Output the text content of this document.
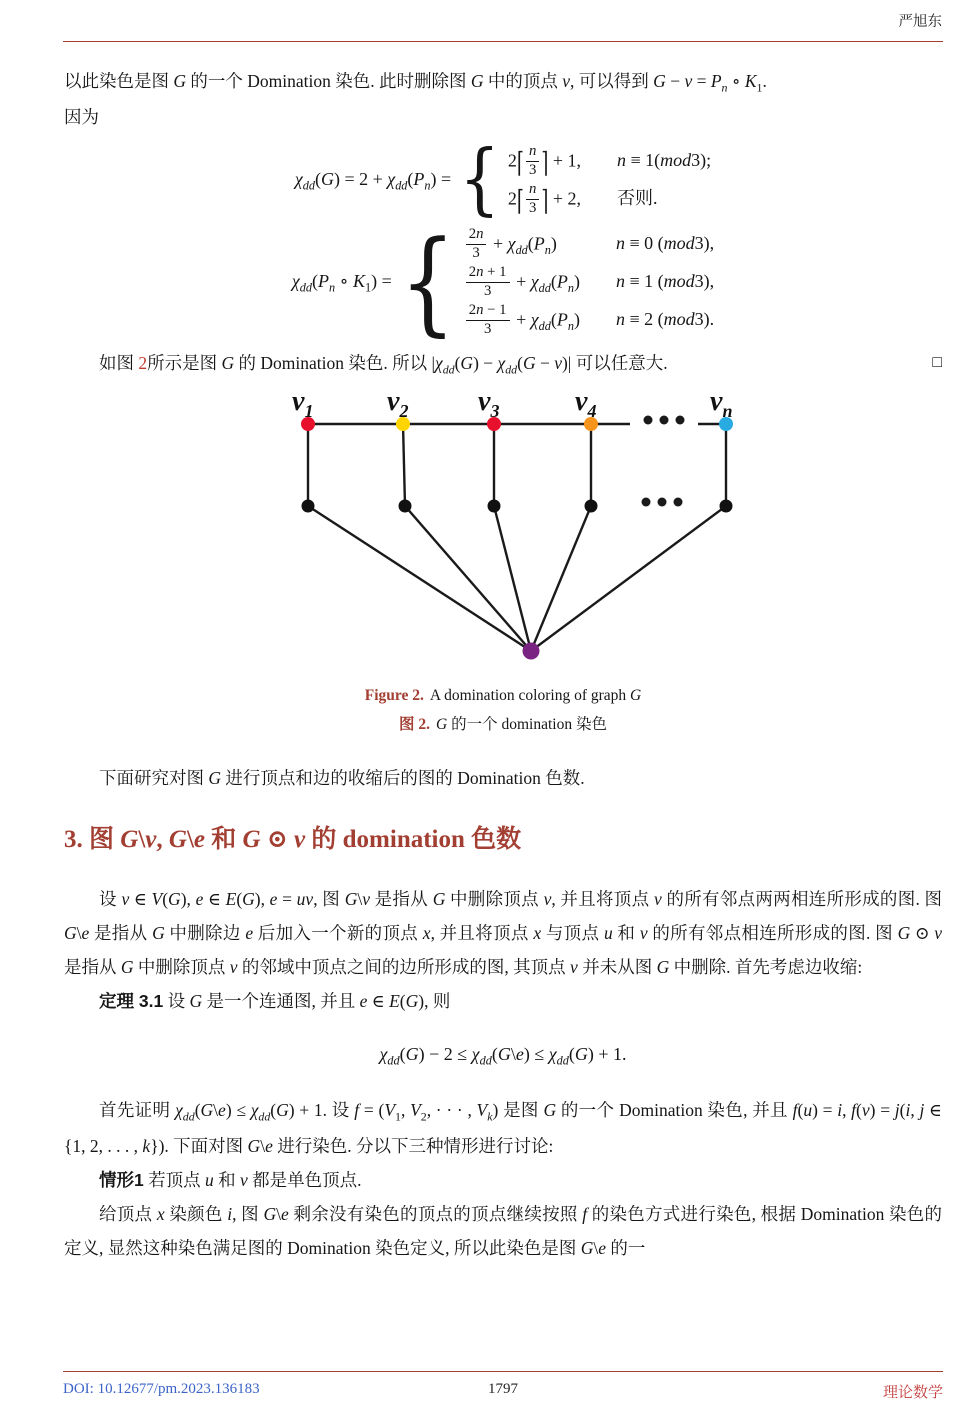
严旭东

以此染色是图 G 的一个 Domination 染色. 此时删除图 G 中的顶点 v, 可以得到 $G - v = P_n$ ∘ $K_1$.
因为

$\chi_{dd}(G) = 2 + \chi_{dd}(P_n)$ = { 2⌈ $\frac{n}{3}$ ⌉ + 1, n ≡ 1(mod3);
2⌈ $\frac{n}{3}$ ⌉ + 2, 否则.
$\chi_{dd}(P_n$ ∘ $K_1$) = { $\frac{2n}{3} + \chi_{dd}(P_n)$	n ≡ 0 (mod3),
$\frac{2n + 1}{3} + \chi_{dd}(P_n) n \equiv 1$ (mod3),
$\frac{2n - 1}{3} + \chi_{dd}(P_n) n \equiv 2$ (mod3).

□
如图 2所示是图 G 的 Domination 染色. 所以 $|\chi_{dd}(G) - \chi_{dd}(G - v)|$ 可以任意大.

$v_1$	$v_2$ $v_3$	$v_4$	$v_n$
Figure 2. A domination coloring of graph G
图 2. G 的一个 domination 染色

下面研究对图 G 进行顶点和边的收缩后的图的 Domination 色数.

3. 图 G\v, G\e 和 G ⊙ v 的 domination 色数

设 v ∈ V(G), e ∈ E(G), e = uv, 图 G\v 是指从 G 中删除顶点 v, 并且将顶点 v 的所有邻点两两相连所形成的图. 图 G\e 是指从 G 中删除边 e 后加入一个新的顶点 x, 并且将顶点 x 与顶点 u 和 v 的所有邻点相连所形成的图. 图 G ⊙ v 是指从 G 中删除顶点 v 的邻域中顶点之间的边所形成的图, 其顶点 v 并未从图 G 中删除. 首先考虑边收缩:

定理 3.1 设 G 是一个连通图, 并且 e ∈ E(G), 则

$\chi_{dd}(G) - 2$ ≤ $\chi_{dd}(G\backslash e) \le \chi_{dd}(G) + 1$.

首先证明 $\chi_{dd}(G\backslash e) \le \chi_{dd}(G) + 1$. 设 $f = (V_1$, $V_2$, · · · , $V_k$) 是图 G 的一个 Domination 染色, 并且 f(u) = i, f(v) = j(i, j ∈ {1, 2, . . . , k}). 下面对图 G\e 进行染色. 分以下三种情形进行讨论:

情形1 若顶点 u 和 v 都是单色顶点.

给顶点 x 染颜色 i, 图 G\e 剩余没有染色的顶点的顶点继续按照 f 的染色方式进行染色, 根据 Domination 染色的定义, 显然这种染色满足图的 Domination 染色定义, 所以此染色是图 G\e 的一

DOI: 10.12677/pm.2023.136183	1797	理论数学
